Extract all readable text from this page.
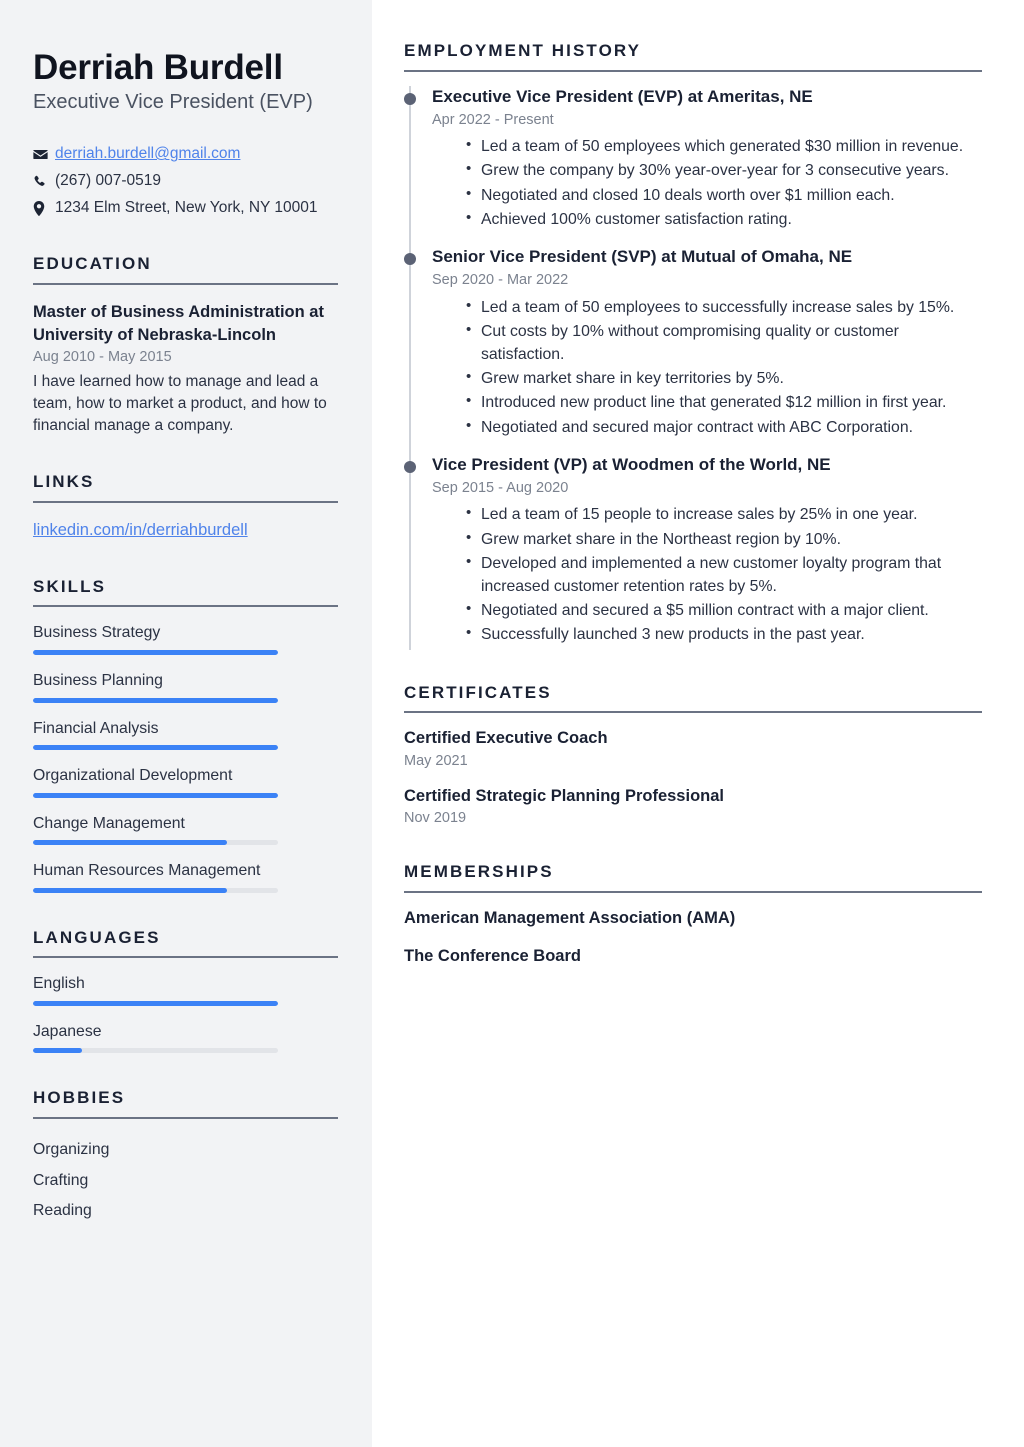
Derriah Burdell
Executive Vice President (EVP)
derriah.burdell@gmail.com
(267) 007-0519
1234 Elm Street, New York, NY 10001
EDUCATION
Master of Business Administration at University of Nebraska-Lincoln
Aug 2010 - May 2015
I have learned how to manage and lead a team, how to market a product, and how to financial manage a company.
LINKS
linkedin.com/in/derriahburdell
SKILLS
Business Strategy
Business Planning
Financial Analysis
Organizational Development
Change Management
Human Resources Management
LANGUAGES
English
Japanese
HOBBIES
Organizing
Crafting
Reading
EMPLOYMENT HISTORY
Executive Vice President (EVP) at Ameritas, NE
Apr 2022 - Present
• Led a team of 50 employees which generated $30 million in revenue.
• Grew the company by 30% year-over-year for 3 consecutive years.
• Negotiated and closed 10 deals worth over $1 million each.
• Achieved 100% customer satisfaction rating.
Senior Vice President (SVP) at Mutual of Omaha, NE
Sep 2020 - Mar 2022
• Led a team of 50 employees to successfully increase sales by 15%.
• Cut costs by 10% without compromising quality or customer satisfaction.
• Grew market share in key territories by 5%.
• Introduced new product line that generated $12 million in first year.
• Negotiated and secured major contract with ABC Corporation.
Vice President (VP) at Woodmen of the World, NE
Sep 2015 - Aug 2020
• Led a team of 15 people to increase sales by 25% in one year.
• Grew market share in the Northeast region by 10%.
• Developed and implemented a new customer loyalty program that increased customer retention rates by 5%.
• Negotiated and secured a $5 million contract with a major client.
• Successfully launched 3 new products in the past year.
CERTIFICATES
Certified Executive Coach
May 2021
Certified Strategic Planning Professional
Nov 2019
MEMBERSHIPS
American Management Association (AMA)
The Conference Board
